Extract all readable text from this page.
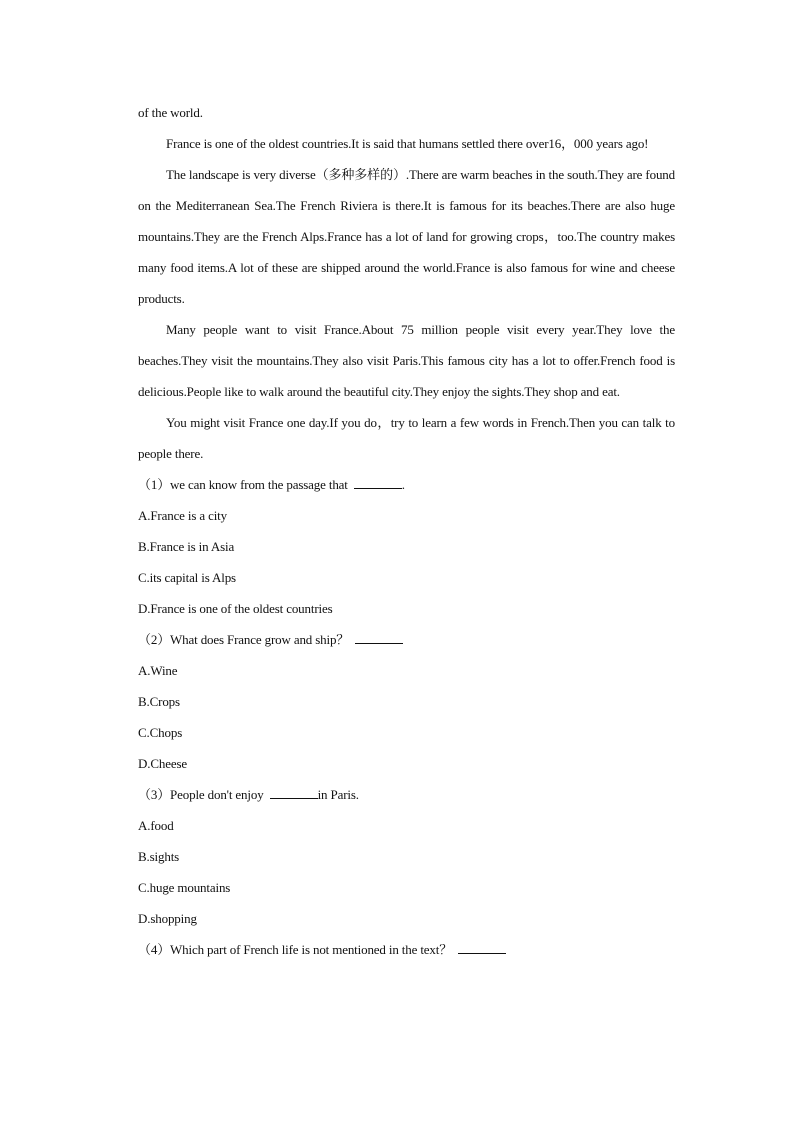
of the world.

France is one of the oldest countries.It is said that humans settled there over16，000 years ago!

The landscape is very diverse（多种多样的）.There are warm beaches in the south.They are found on the Mediterranean Sea.The French Riviera is there.It is famous for its beaches.There are also huge mountains.They are the French Alps.France has a lot of land for growing crops，too.The country makes many food items.A lot of these are shipped around the world.France is also famous for wine and cheese products.

Many people want to visit France.About 75 million people visit every year.They love the beaches.They visit the mountains.They also visit Paris.This famous city has a lot to offer.French food is delicious.People like to walk around the beautiful city.They enjoy the sights.They shop and eat.

You might visit France one day.If you do，try to learn a few words in French.Then you can talk to people there.

（1）we can know from the passage that	.
A.France is a city
B.France is in Asia
C.its capital is Alps
D.France is one of the oldest countries
（2）What does France grow and ship？
A.Wine
B.Crops
C.Chops
D.Cheese
（3）People don't enjoy	in Paris.
A.food
B.sights
C.huge mountains
D.shopping
（4）Which part of French life is not mentioned in the text？
